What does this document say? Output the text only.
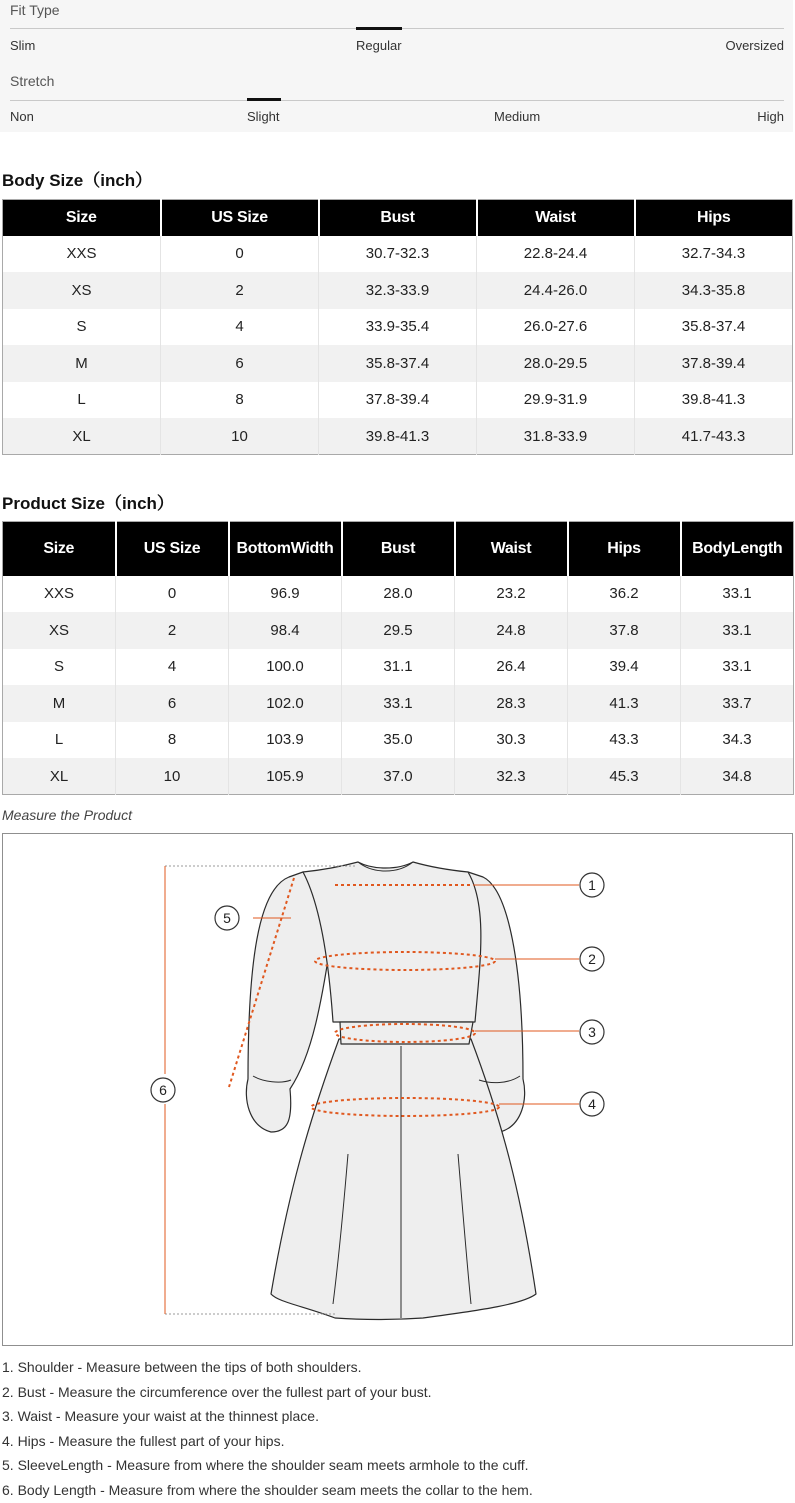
Fit Type
Slim	Regular	Oversized
Stretch
Non	Slight	Medium	High
Body Size（inch）
Size	US Size	Bust	Waist	Hips
XXS	0	30.7-32.3	22.8-24.4	32.7-34.3
XS	2	32.3-33.9	24.4-26.0	34.3-35.8
S	4	33.9-35.4	26.0-27.6	35.8-37.4
M	6	35.8-37.4	28.0-29.5	37.8-39.4
L	8	37.8-39.4	29.9-31.9	39.8-41.3
XL	10	39.8-41.3	31.8-33.9	41.7-43.3
Product Size（inch）
Size	US Size	BottomWidth	Bust	Waist	Hips	BodyLength
XXS	0	96.9	28.0	23.2	36.2	33.1
XS	2	98.4	29.5	24.8	37.8	33.1
S	4	100.0	31.1	26.4	39.4	33.1
M	6	102.0	33.1	28.3	41.3	33.7
L	8	103.9	35.0	30.3	43.3	34.3
XL	10	105.9	37.0	32.3	45.3	34.8
Measure the Product
1
2
3
4
5
6
1. Shoulder - Measure between the tips of both shoulders.
2. Bust - Measure the circumference over the fullest part of your bust.
3. Waist - Measure your waist at the thinnest place.
4. Hips - Measure the fullest part of your hips.
5. SleeveLength - Measure from where the shoulder seam meets armhole to the cuff.
6. Body Length - Measure from where the shoulder seam meets the collar to the hem.
